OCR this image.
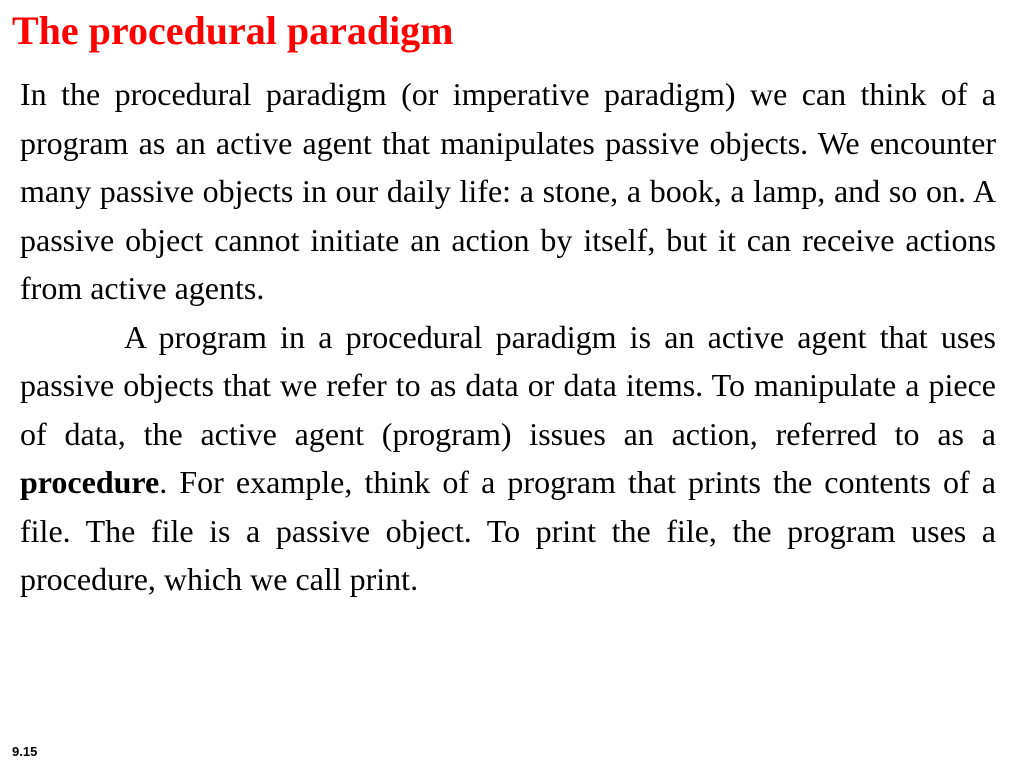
The procedural paradigm

In the procedural paradigm (or imperative paradigm) we can think of a program as an active agent that manipulates passive objects. We encounter many passive objects in our daily life: a stone, a book, a lamp, and so on. A passive object cannot initiate an action by itself, but it can receive actions from active agents.

A program in a procedural paradigm is an active agent that uses passive objects that we refer to as data or data items. To manipulate a piece of data, the active agent (program) issues an action, referred to as a procedure. For example, think of a program that prints the contents of a file. The file is a passive object. To print the file, the program uses a procedure, which we call print.

9.15
